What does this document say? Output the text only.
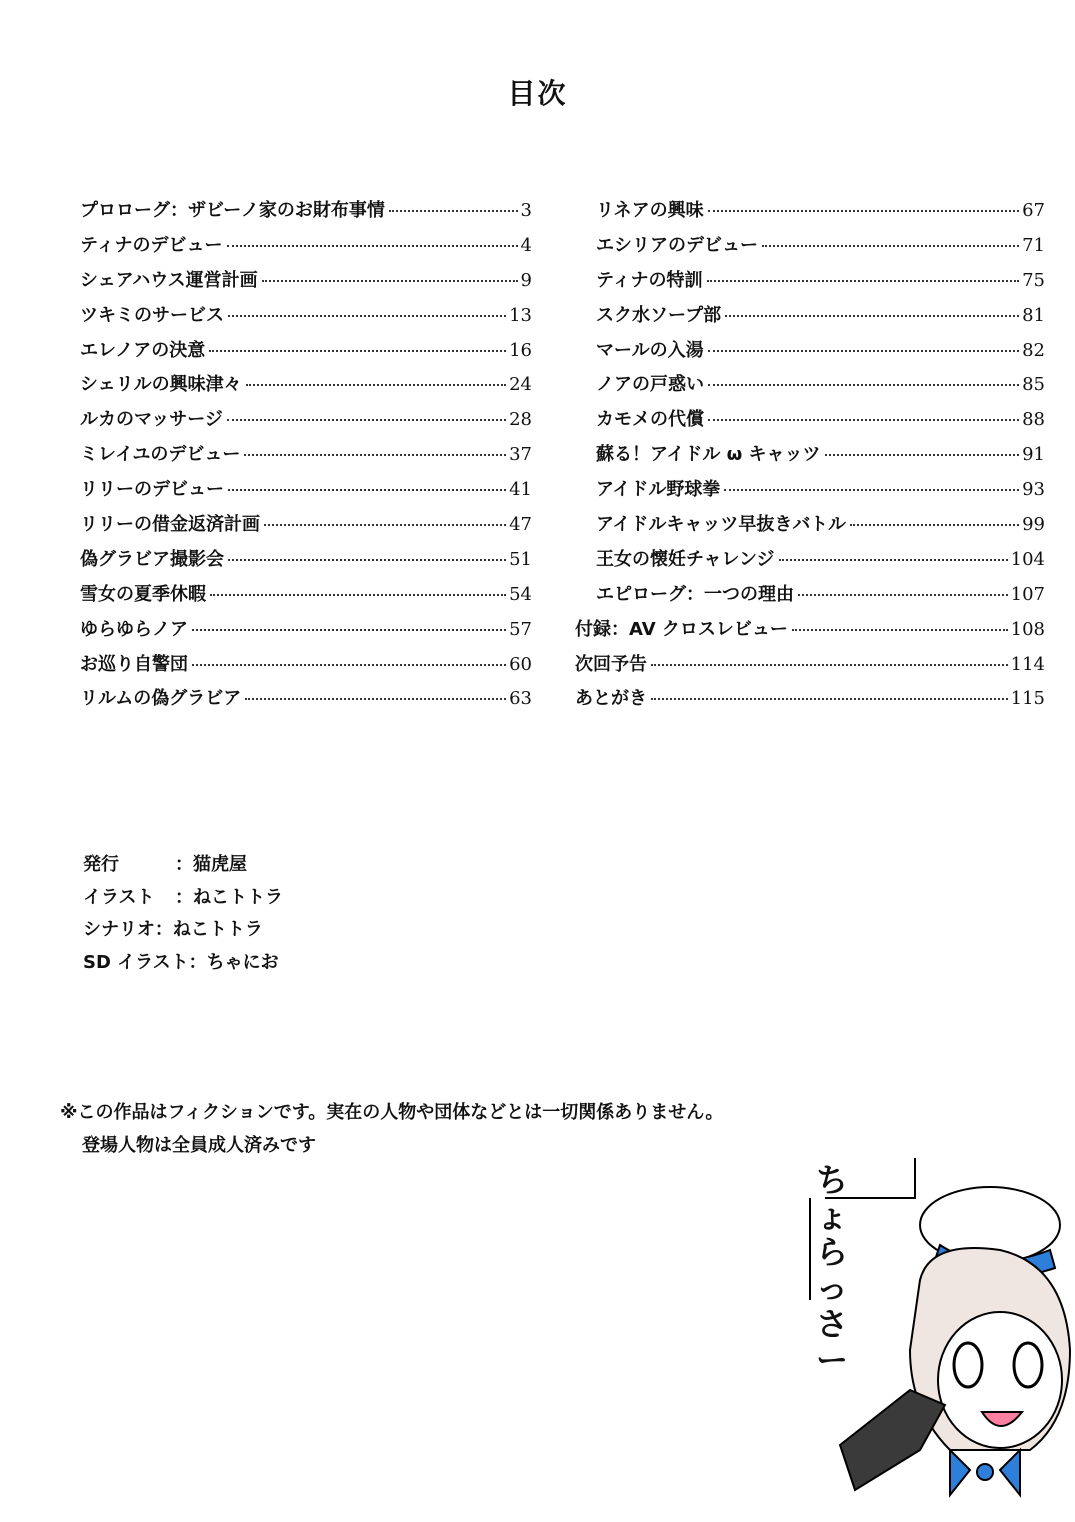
目次
プロローグ：ザビーノ家のお財布事情	3
ティナのデビュー	4
シェアハウス運営計画	9
ツキミのサービス	13
エレノアの決意	16
シェリルの興味津々	24
ルカのマッサージ	28
ミレイユのデビュー	37
リリーのデビュー	41
リリーの借金返済計画	47
偽グラビア撮影会	51
雪女の夏季休暇	54
ゆらゆらノア	57
お巡り自警団	60
リルムの偽グラビア	63
リネアの興味	67
エシリアのデビュー	71
ティナの特訓	75
スク水ソープ部	81
マールの入湯	82
ノアの戸惑い	85
カモメの代償	88
蘇る！アイドル ω キャッツ	91
アイドル野球拳	93
アイドルキャッツ早抜きバトル	99
王女の懐妊チャレンジ	104
エピローグ：一つの理由	107
付録：AV クロスレビュー	108
次回予告	114
あとがき	115
発行	：猫虎屋
イラスト	：ねこトトラ
シナリオ ：ねこトトラ
SD イラスト ：ちゃにお
※この作品はフィクションです。実在の人物や団体などとは一切関係ありません。
登場人物は全員成人済みです
ちょらっさー
